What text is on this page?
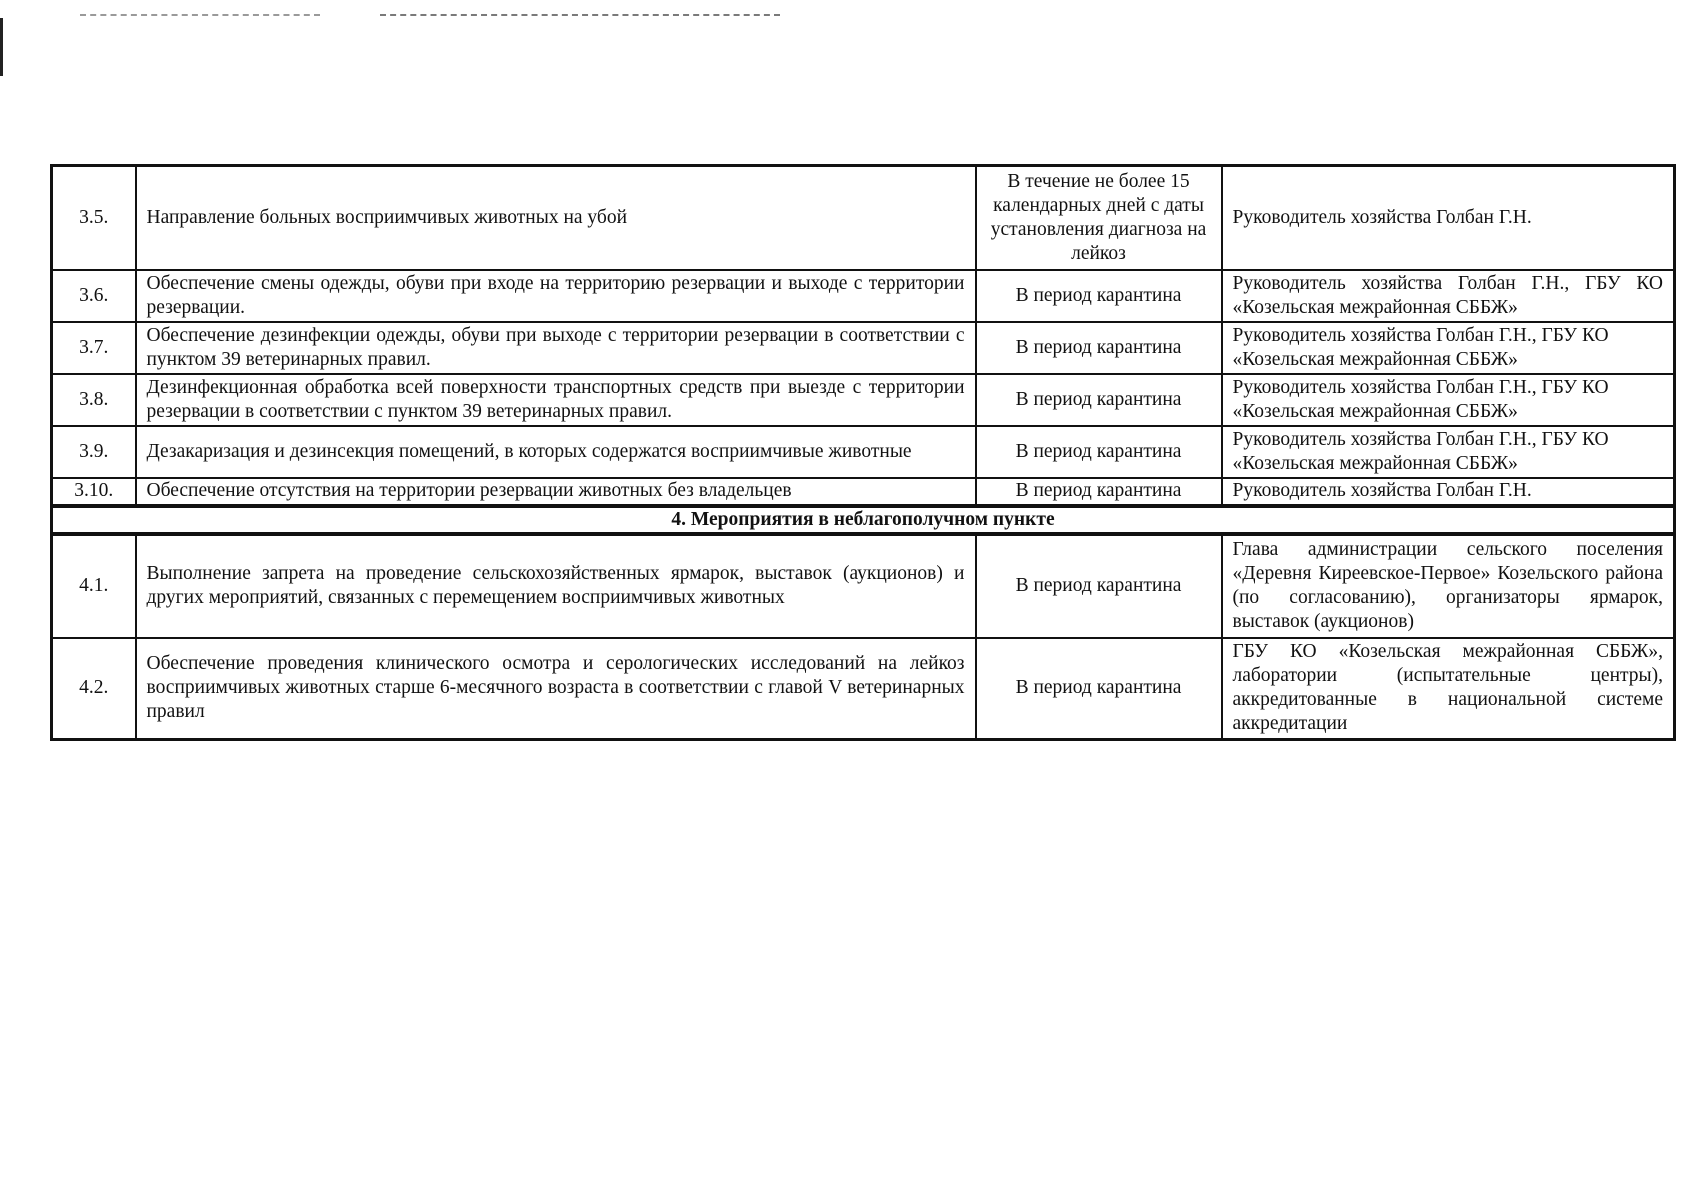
3.5.	Направление больных восприимчивых животных на убой	В течение не более 15 календарных дней с даты установления диагноза на лейкоз	Руководитель хозяйства Голбан Г.Н.
3.6.	Обеспечение смены одежды, обуви при входе на территорию резервации и выходе с территории резервации.	В период карантина	Руководитель хозяйства Голбан Г.Н., ГБУ КО «Козельская межрайонная СББЖ»
3.7.	Обеспечение дезинфекции одежды, обуви при выходе с территории резервации в соответствии с пунктом 39 ветеринарных правил.	В период карантина	Руководитель хозяйства Голбан Г.Н., ГБУ КО «Козельская межрайонная СББЖ»
3.8.	Дезинфекционная обработка всей поверхности транспортных средств при выезде с территории резервации в соответствии с пунктом 39 ветеринарных правил.	В период карантина	Руководитель хозяйства Голбан Г.Н., ГБУ КО «Козельская межрайонная СББЖ»
3.9.	Дезакаризация и дезинсекция помещений, в которых содержатся восприимчивые животные	В период карантина	Руководитель хозяйства Голбан Г.Н., ГБУ КО «Козельская межрайонная СББЖ»
3.10.	Обеспечение отсутствия на территории резервации животных без владельцев	В период карантина	Руководитель хозяйства Голбан Г.Н.
4. Мероприятия в неблагополучном пункте			
4.1.	Выполнение запрета на проведение сельскохозяйственных ярмарок, выставок (аукционов) и других мероприятий, связанных с перемещением восприимчивых животных	В период карантина	Глава администрации сельского поселения «Деревня Киреевское-Первое» Козельского района (по согласованию), организаторы ярмарок, выставок (аукционов)
4.2.	Обеспечение проведения клинического осмотра и серологических исследований на лейкоз восприимчивых животных старше 6-месячного возраста в соответствии с главой V ветеринарных правил	В период карантина	ГБУ КО «Козельская межрайонная СББЖ», лаборатории (испытательные центры), аккредитованные в национальной системе аккредитации
